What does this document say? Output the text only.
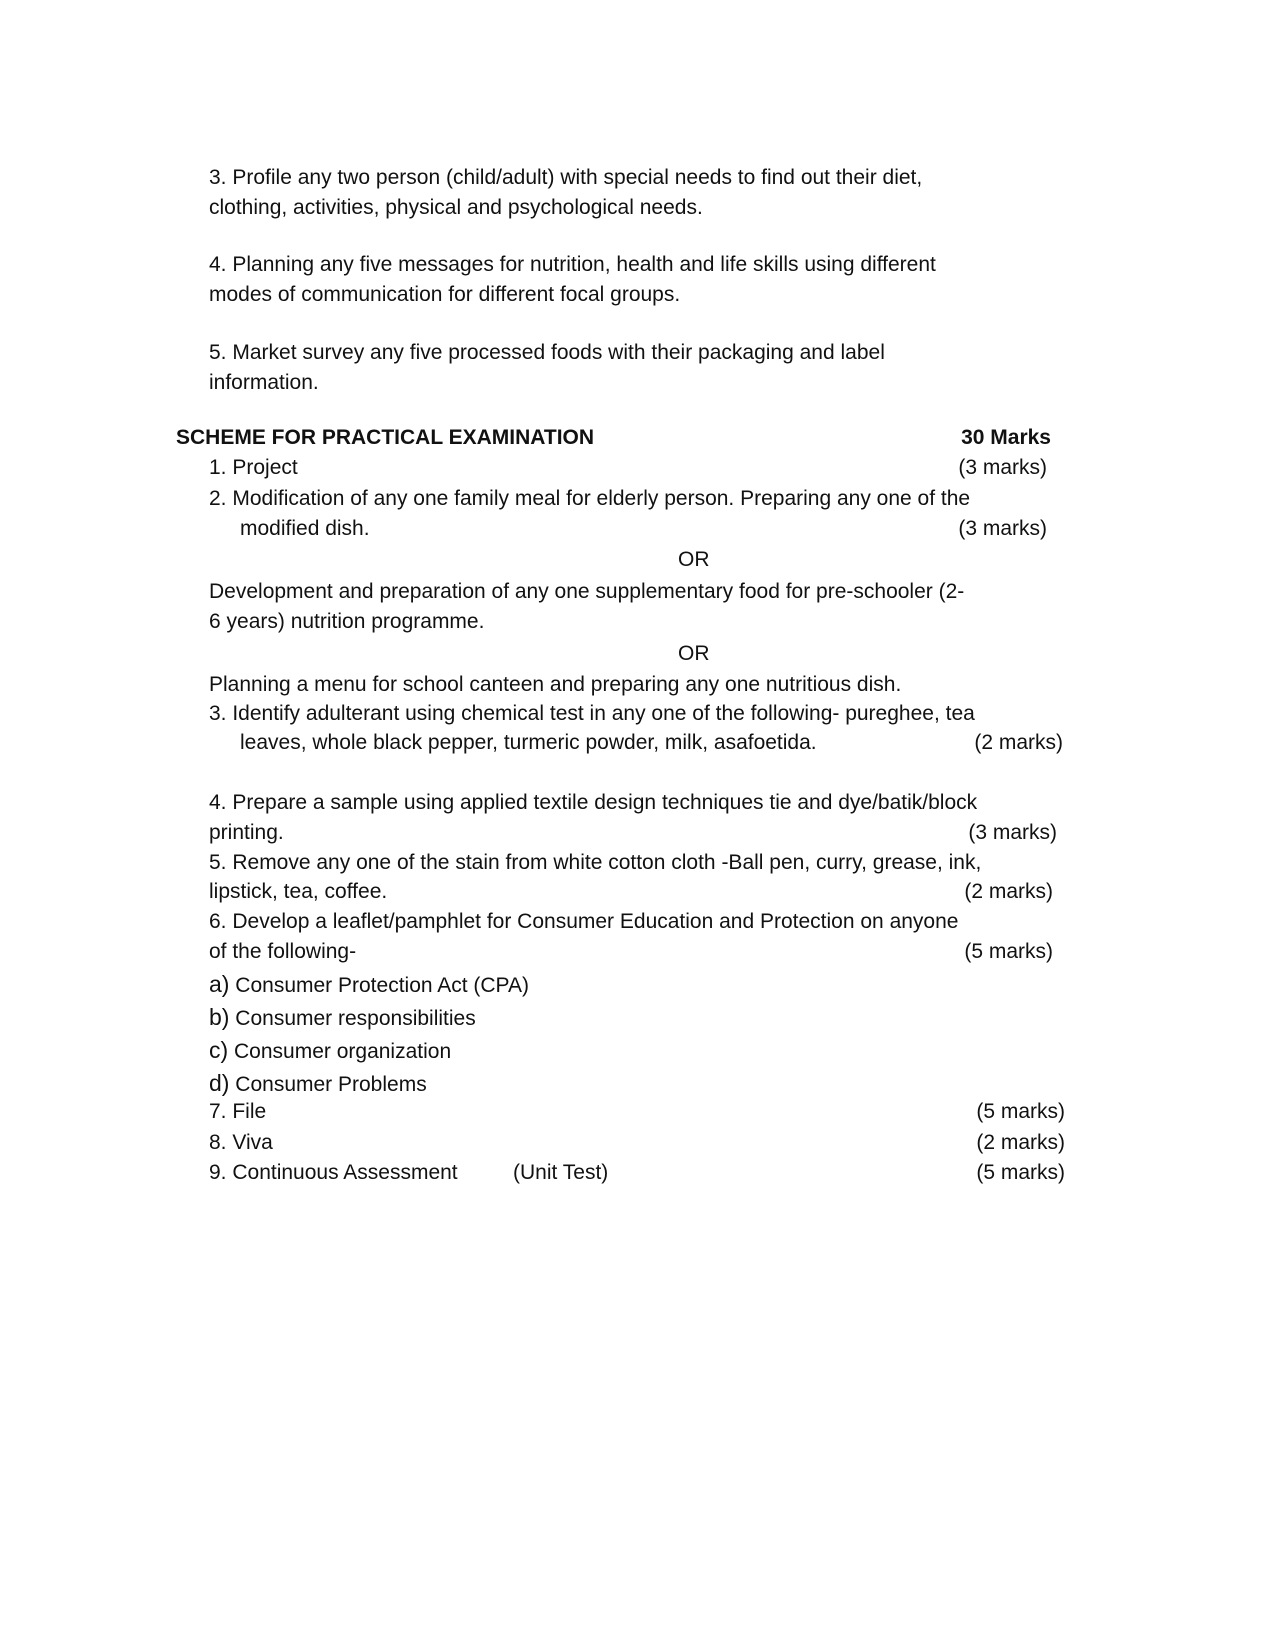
3. Profile any two person (child/adult) with special needs to find out their diet,
clothing, activities, physical and psychological needs.
4. Planning any five messages for nutrition, health and life skills using different
modes of communication for different focal groups.
5. Market survey any five processed foods with their packaging and label
information.
SCHEME FOR PRACTICAL EXAMINATION	30 Marks
1. Project	(3 marks)
2. Modification of any one family meal for elderly person. Preparing any one of the
modified dish.	(3 marks)
OR
Development and preparation of any one supplementary food for pre-schooler (2-
6 years) nutrition programme.
OR
Planning a menu for school canteen and preparing any one nutritious dish.
3. Identify adulterant using chemical test in any one of the following- pureghee, tea
leaves, whole black pepper, turmeric powder, milk, asafoetida.	(2 marks)
4. Prepare a sample using applied textile design techniques tie and dye/batik/block
printing.	(3 marks)
5. Remove any one of the stain from white cotton cloth -Ball pen, curry, grease, ink,
lipstick, tea, coffee.	(2 marks)
6. Develop a leaflet/pamphlet for Consumer Education and Protection on anyone
of the following-	(5 marks)
a) Consumer Protection Act (CPA)
b) Consumer responsibilities
c) Consumer organization
d) Consumer Problems
7. File	(5 marks)
8. Viva	(2 marks)
9. Continuous Assessment	(Unit Test)	(5 marks)
